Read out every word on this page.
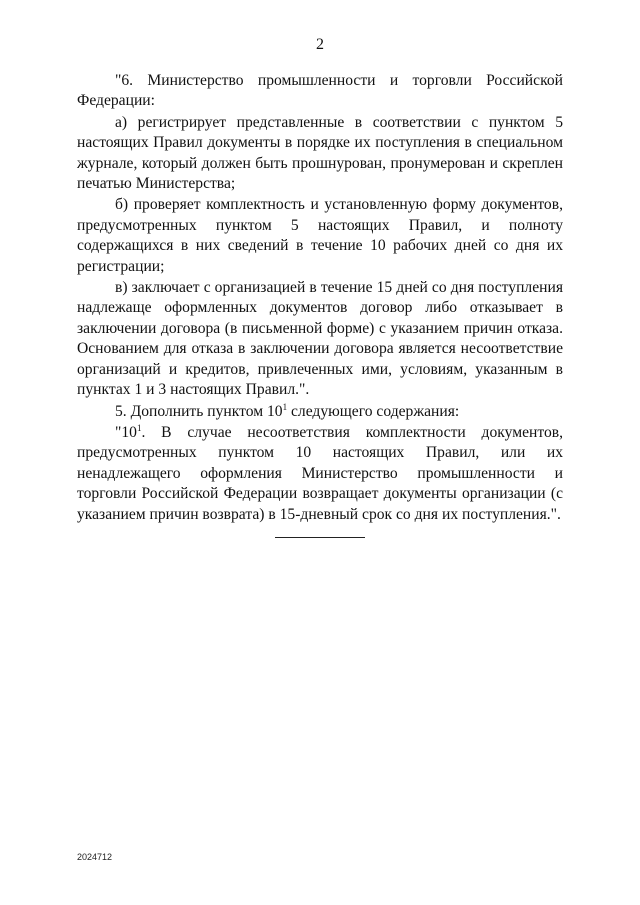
2

"6. Министерство промышленности и торговли Российской Федерации:

а) регистрирует представленные в соответствии с пунктом 5 настоящих Правил документы в порядке их поступления в специальном журнале, который должен быть прошнурован, пронумерован и скреплен печатью Министерства;

б) проверяет комплектность и установленную форму документов, предусмотренных пунктом 5 настоящих Правил, и полноту содержащихся в них сведений в течение 10 рабочих дней со дня их регистрации;

в) заключает с организацией в течение 15 дней со дня поступления надлежаще оформленных документов договор либо отказывает в заключении договора (в письменной форме) с указанием причин отказа. Основанием для отказа в заключении договора является несоответствие организаций и кредитов, привлеченных ими, условиям, указанным в пунктах 1 и 3 настоящих Правил.".

5. Дополнить пунктом $10^1$ следующего содержания:

"$10^1$. В случае несоответствия комплектности документов, предусмотренных пунктом 10 настоящих Правил, или их ненадлежащего оформления Министерство промышленности и торговли Российской Федерации возвращает документы организации (с указанием причин возврата) в 15-дневный срок со дня их поступления.".

2024712
